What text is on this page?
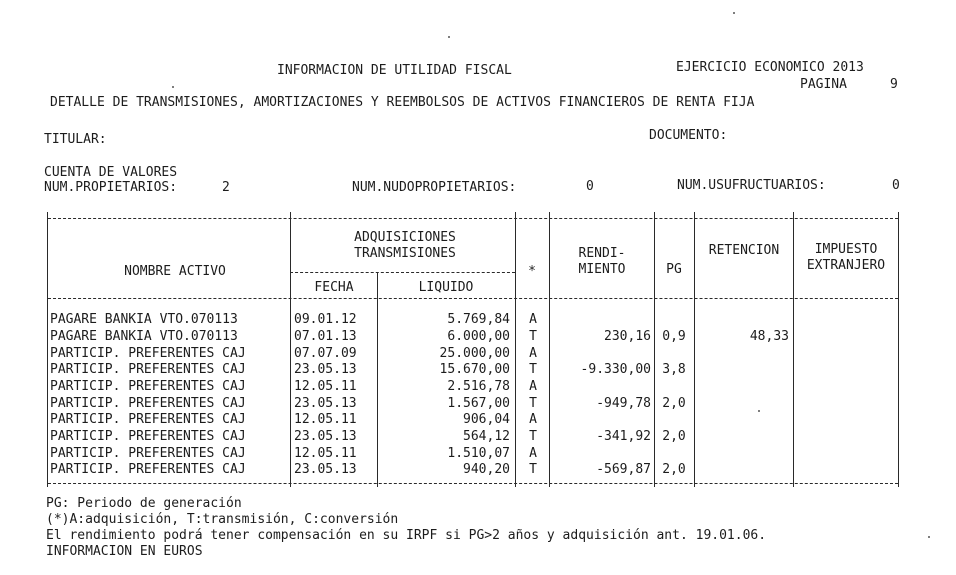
INFORMACION DE UTILIDAD FISCAL	EJERCICIO ECONOMICO 2013
PAGINA	9
DETALLE DE TRANSMISIONES, AMORTIZACIONES Y REEMBOLSOS DE ACTIVOS FINANCIEROS DE RENTA FIJA
TITULAR:	DOCUMENTO:
CUENTA DE VALORES
NUM.PROPIETARIOS:	2	NUM.NUDOPROPIETARIOS:	0	NUM.USUFRUCTUARIOS:	0
NOMBRE ACTIVO
ADQUISICIONES
TRANSMISIONES
FECHA	LIQUIDO
*
RENDI-
MIENTO	PG
RETENCION	IMPUESTO
EXTRANJERO
PAGARE BANKIA VTO.070113	09.01.12	5.769,84	A
PAGARE BANKIA VTO.070113	07.01.13	6.000,00	T	230,16 0,9	48,33
PARTICIP. PREFERENTES CAJ	07.07.09	25.000,00	A
PARTICIP. PREFERENTES CAJ	23.05.13	15.670,00	T	-9.330,00 3,8
PARTICIP. PREFERENTES CAJ	12.05.11	2.516,78	A
PARTICIP. PREFERENTES CAJ	23.05.13	1.567,00	T	-949,78 2,0
PARTICIP. PREFERENTES CAJ	12.05.11	906,04	A
PARTICIP. PREFERENTES CAJ	23.05.13	564,12	T	-341,92 2,0
PARTICIP. PREFERENTES CAJ	12.05.11	1.510,07	A
PARTICIP. PREFERENTES CAJ	23.05.13	940,20	T	-569,87 2,0
PG: Periodo de generación
(*)A:adquisición, T:transmisión, C:conversión
El rendimiento podrá tener compensación en su IRPF si PG>2 años y adquisición ant. 19.01.06.
INFORMACION EN EUROS
